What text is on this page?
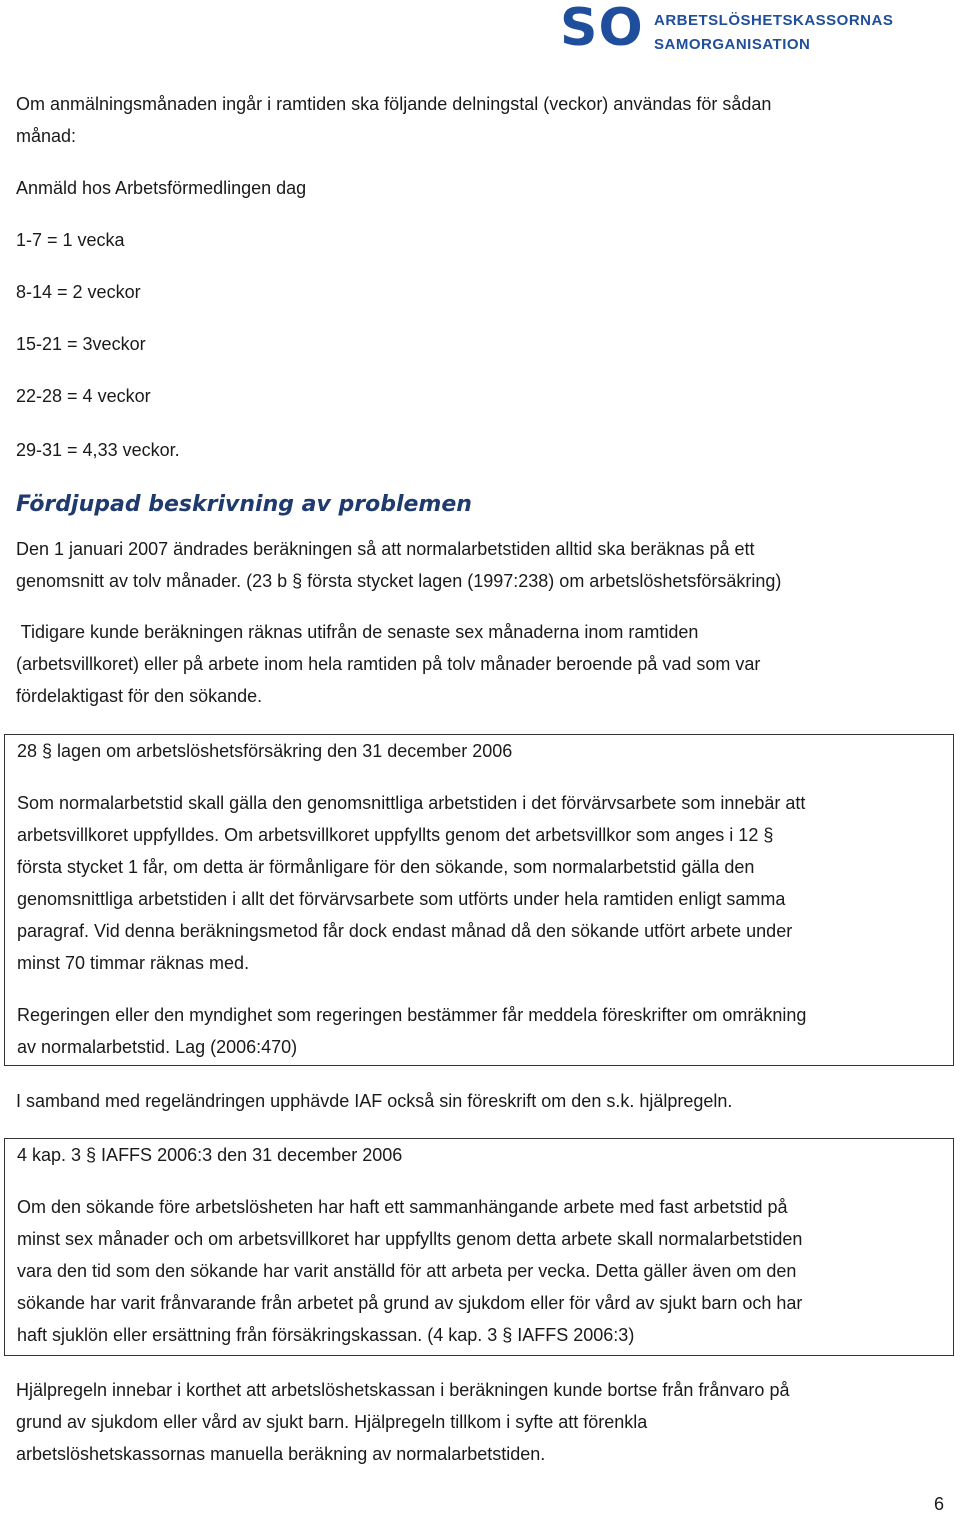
SO ARBETSLÖSHETSKASSORNAS
SAMORGANISATION
Om anmälningsmånaden ingår i ramtiden ska följande delningstal (veckor) användas för sådan
månad:
Anmäld hos Arbetsförmedlingen dag
1-7 = 1 vecka
8-14 = 2 veckor
15-21 = 3veckor
22-28 = 4 veckor
29-31 = 4,33 veckor.
Fördjupad beskrivning av problemen
Den 1 januari 2007 ändrades beräkningen så att normalarbetstiden alltid ska beräknas på ett
genomsnitt av tolv månader. (23 b § första stycket lagen (1997:238) om arbetslöshetsförsäkring)
Tidigare kunde beräkningen räknas utifrån de senaste sex månaderna inom ramtiden
(arbetsvillkoret) eller på arbete inom hela ramtiden på tolv månader beroende på vad som var
fördelaktigast för den sökande.
28 § lagen om arbetslöshetsförsäkring den 31 december 2006
Som normalarbetstid skall gälla den genomsnittliga arbetstiden i det förvärvsarbete som innebär att
arbetsvillkoret uppfylldes. Om arbetsvillkoret uppfyllts genom det arbetsvillkor som anges i 12 §
första stycket 1 får, om detta är förmånligare för den sökande, som normalarbetstid gälla den
genomsnittliga arbetstiden i allt det förvärvsarbete som utförts under hela ramtiden enligt samma
paragraf. Vid denna beräkningsmetod får dock endast månad då den sökande utfört arbete under
minst 70 timmar räknas med.
Regeringen eller den myndighet som regeringen bestämmer får meddela föreskrifter om omräkning
av normalarbetstid. Lag (2006:470)
I samband med regeländringen upphävde IAF också sin föreskrift om den s.k. hjälpregeln.
4 kap. 3 § IAFFS 2006:3 den 31 december 2006
Om den sökande före arbetslösheten har haft ett sammanhängande arbete med fast arbetstid på
minst sex månader och om arbetsvillkoret har uppfyllts genom detta arbete skall normalarbetstiden
vara den tid som den sökande har varit anställd för att arbeta per vecka. Detta gäller även om den
sökande har varit frånvarande från arbetet på grund av sjukdom eller för vård av sjukt barn och har
haft sjuklön eller ersättning från försäkringskassan. (4 kap. 3 § IAFFS 2006:3)
Hjälpregeln innebar i korthet att arbetslöshetskassan i beräkningen kunde bortse från frånvaro på
grund av sjukdom eller vård av sjukt barn. Hjälpregeln tillkom i syfte att förenkla
arbetslöshetskassornas manuella beräkning av normalarbetstiden.
6
